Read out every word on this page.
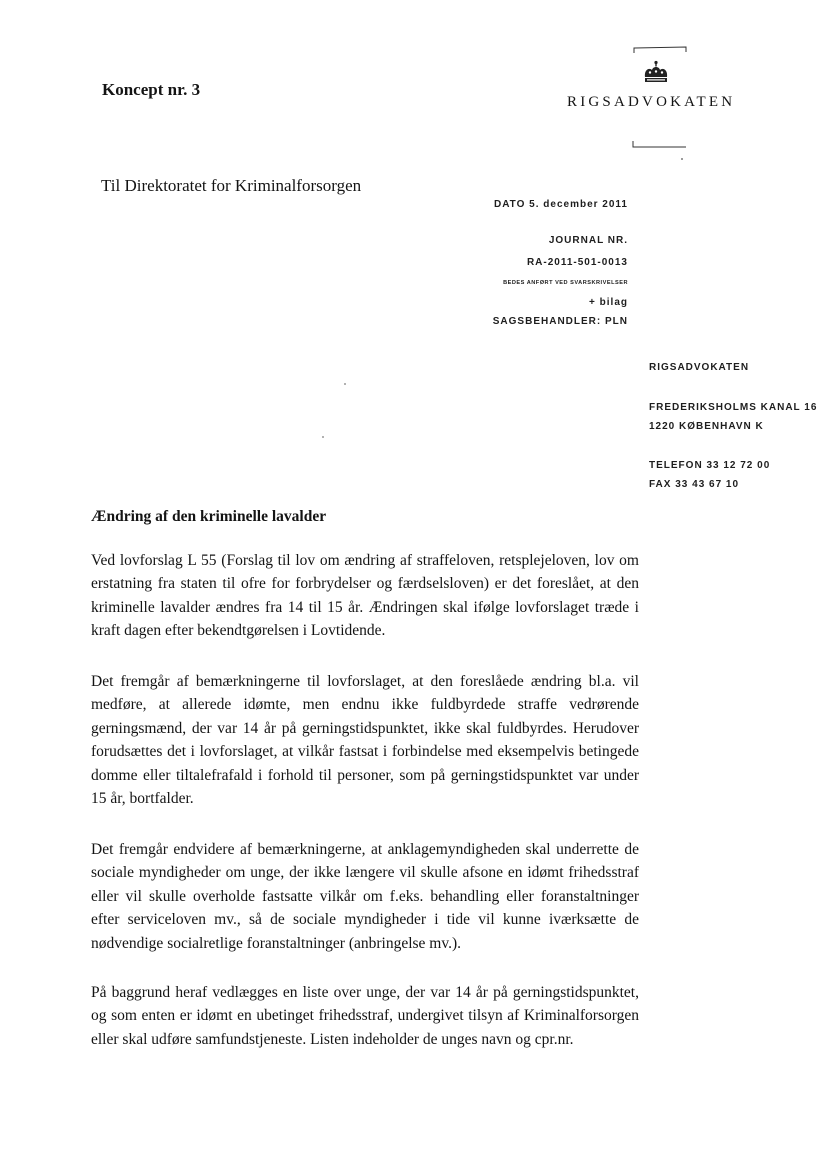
Koncept nr. 3
RIGSADVOKATEN
Til Direktoratet for Kriminalforsorgen
DATO 5. december 2011
JOURNAL NR.
RA-2011-501-0013
BEDES ANFØRT VED SVARSKRIVELSER
+ bilag
SAGSBEHANDLER: PLN
RIGSADVOKATEN
FREDERIKSHOLMS KANAL 16
1220 KØBENHAVN K
TELEFON 33 12 72 00
FAX 33 43 67 10
Ændring af den kriminelle lavalder

Ved lovforslag L 55 (Forslag til lov om ændring af straffeloven, retsplejeloven, lov om erstatning fra staten til ofre for forbrydelser og færdselsloven) er det foreslået, at den kriminelle lavalder ændres fra 14 til 15 år. Ændringen skal ifølge lovforslaget træde i kraft dagen efter bekendtgørelsen i Lovtidende.

Det fremgår af bemærkningerne til lovforslaget, at den foreslåede ændring bl.a. vil medføre, at allerede idømte, men endnu ikke fuldbyrdede straffe vedrørende gerningsmænd, der var 14 år på gerningstidspunktet, ikke skal fuldbyrdes. Herudover forudsættes det i lovforslaget, at vilkår fastsat i forbindelse med eksempelvis betingede domme eller tiltalefrafald i forhold til personer, som på gerningstidspunktet var under 15 år, bortfalder.

Det fremgår endvidere af bemærkningerne, at anklagemyndigheden skal underrette de sociale myndigheder om unge, der ikke længere vil skulle afsone en idømt frihedsstraf eller vil skulle overholde fastsatte vilkår om f.eks. behandling eller foranstaltninger efter serviceloven mv., så de sociale myndigheder i tide vil kunne iværksætte de nødvendige socialretlige foranstaltninger (anbringelse mv.).

På baggrund heraf vedlægges en liste over unge, der var 14 år på gerningstidspunktet, og som enten er idømt en ubetinget frihedsstraf, undergivet tilsyn af Kriminalforsorgen eller skal udføre samfundstjeneste. Listen indeholder de unges navn og cpr.nr.
